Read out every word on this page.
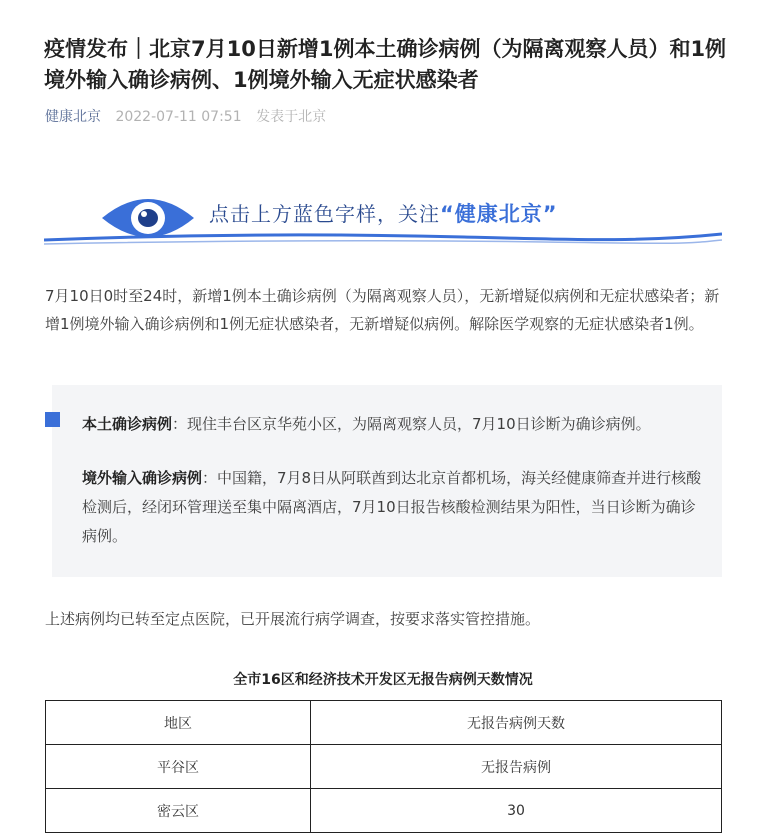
疫情发布｜北京7月10日新增1例本土确诊病例（为隔离观察人员）和1例境外输入确诊病例、1例境外输入无症状感染者
健康北京 2022-07-11 07:51 发表于北京
点击上方蓝色字样，关注“健康北京”

7月10日0时至24时，新增1例本土确诊病例（为隔离观察人员），无新增疑似病例和无症状感染者；新增1例境外输入确诊病例和1例无症状感染者，无新增疑似病例。解除医学观察的无症状感染者1例。

本土确诊病例：现住丰台区京华苑小区，为隔离观察人员，7月10日诊断为确诊病例。

境外输入确诊病例：中国籍，7月8日从阿联酋到达北京首都机场，海关经健康筛查并进行核酸检测后，经闭环管理送至集中隔离酒店，7月10日报告核酸检测结果为阳性，当日诊断为确诊病例。

上述病例均已转至定点医院，已开展流行病学调查，按要求落实管控措施。

全市16区和经济技术开发区无报告病例天数情况
地区	无报告病例天数
平谷区	无报告病例
密云区	30
